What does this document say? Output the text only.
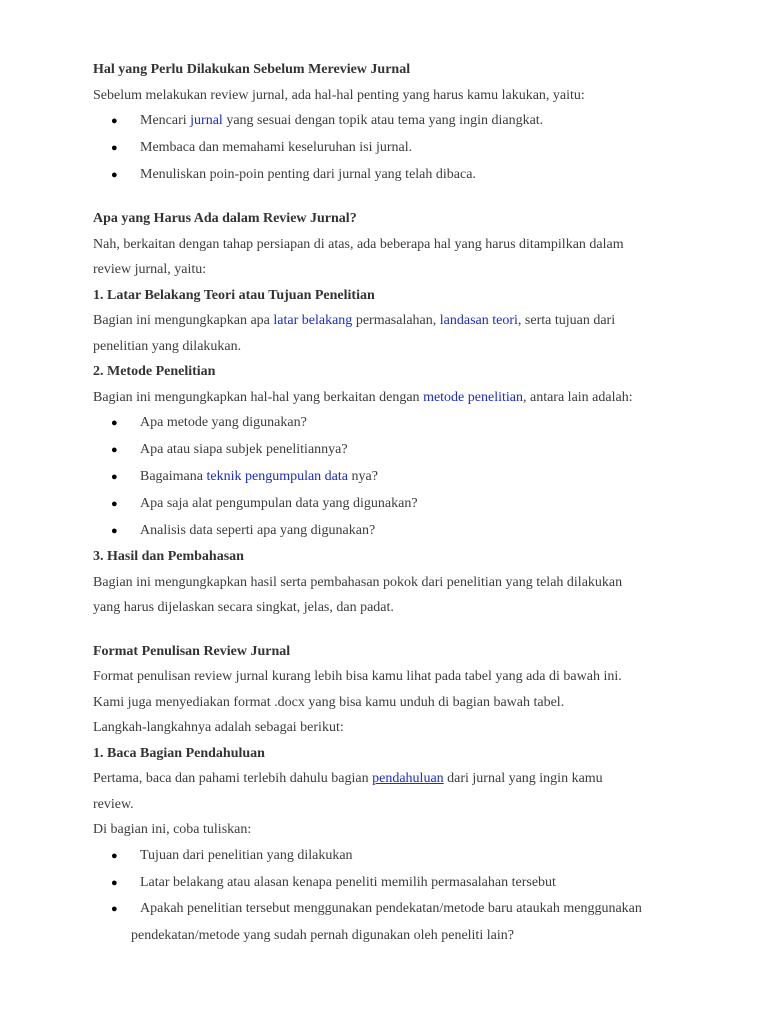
Hal yang Perlu Dilakukan Sebelum Mereview Jurnal

Sebelum melakukan review jurnal, ada hal-hal penting yang harus kamu lakukan, yaitu:

● Mencari jurnal yang sesuai dengan topik atau tema yang ingin diangkat.
● Membaca dan memahami keseluruhan isi jurnal.
● Menuliskan poin-poin penting dari jurnal yang telah dibaca.

Apa yang Harus Ada dalam Review Jurnal?

Nah, berkaitan dengan tahap persiapan di atas, ada beberapa hal yang harus ditampilkan dalam

review jurnal, yaitu:

1. Latar Belakang Teori atau Tujuan Penelitian

Bagian ini mengungkapkan apa latar belakang permasalahan, landasan teori, serta tujuan dari

penelitian yang dilakukan.

2. Metode Penelitian

Bagian ini mengungkapkan hal-hal yang berkaitan dengan metode penelitian, antara lain adalah:

● Apa metode yang digunakan?
● Apa atau siapa subjek penelitiannya?
● Bagaimana teknik pengumpulan data nya?
● Apa saja alat pengumpulan data yang digunakan?
● Analisis data seperti apa yang digunakan?

3. Hasil dan Pembahasan

Bagian ini mengungkapkan hasil serta pembahasan pokok dari penelitian yang telah dilakukan

yang harus dijelaskan secara singkat, jelas, dan padat.

Format Penulisan Review Jurnal

Format penulisan review jurnal kurang lebih bisa kamu lihat pada tabel yang ada di bawah ini.

Kami juga menyediakan format .docx yang bisa kamu unduh di bagian bawah tabel.

Langkah-langkahnya adalah sebagai berikut:

1. Baca Bagian Pendahuluan

Pertama, baca dan pahami terlebih dahulu bagian pendahuluan dari jurnal yang ingin kamu

review.

Di bagian ini, coba tuliskan:

● Tujuan dari penelitian yang dilakukan
● Latar belakang atau alasan kenapa peneliti memilih permasalahan tersebut
● Apakah penelitian tersebut menggunakan pendekatan/metode baru ataukah menggunakan
pendekatan/metode yang sudah pernah digunakan oleh peneliti lain?
